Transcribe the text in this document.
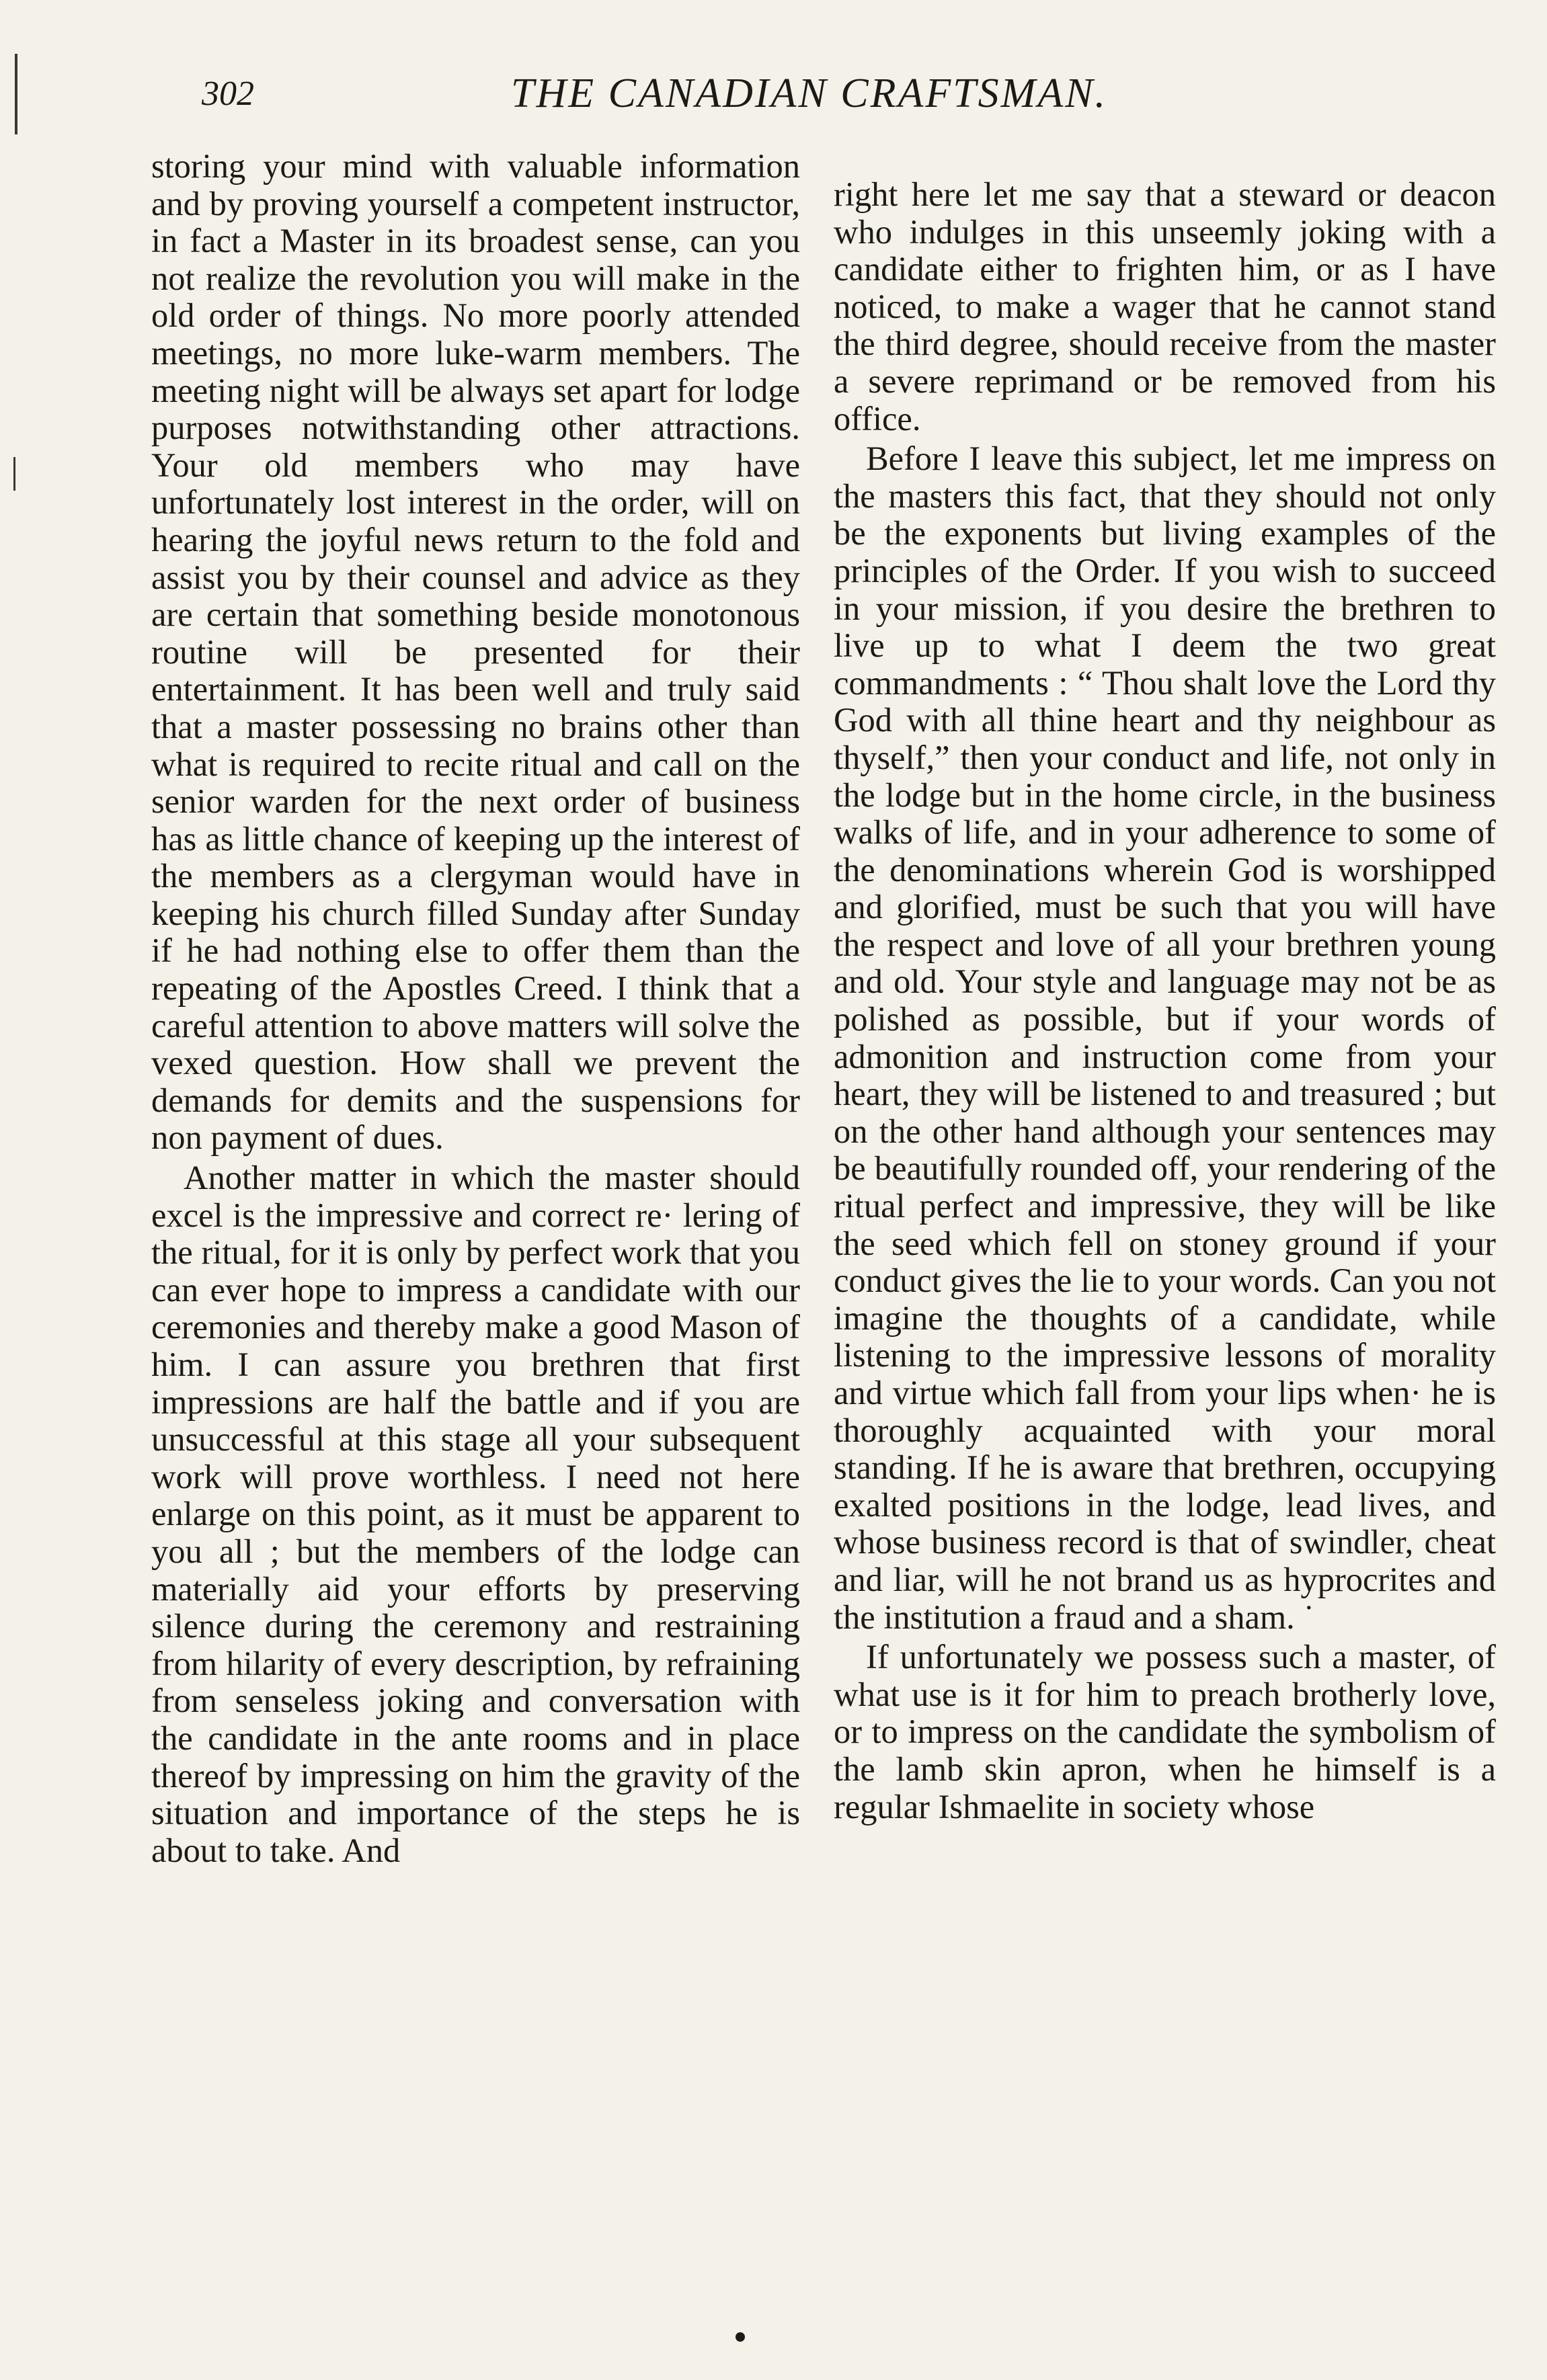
302	THE CANADIAN CRAFTSMAN.

storing your mind with valuable information and by proving yourself a competent instructor, in fact a Master in its broadest sense, can you not realize the revolution you will make in the old order of things. No more poorly attended meetings, no more luke-warm members. The meeting night will be always set apart for lodge purposes notwithstanding other attractions. Your old members who may have unfortunately lost interest in the order, will on hearing the joyful news return to the fold and assist you by their counsel and advice as they are certain that something beside monotonous routine will be presented for their entertainment. It has been well and truly said that a master possessing no brains other than what is required to recite ritual and call on the senior warden for the next order of business has as little chance of keeping up the interest of the members as a clergyman would have in keeping his church filled Sunday after Sunday if he had nothing else to offer them than the repeating of the Apostles Creed. I think that a careful attention to above matters will solve the vexed question. How shall we prevent the demands for demits and the suspensions for non payment of dues.

Another matter in which the master should excel is the impressive and correct re· lering of the ritual, for it is only by perfect work that you can ever hope to impress a candidate with our ceremonies and thereby make a good Mason of him. I can assure you brethren that first impressions are half the battle and if you are unsuccessful at this stage all your subsequent work will prove worthless. I need not here enlarge on this point, as it must be apparent to you all ; but the members of the lodge can materially aid your efforts by preserving silence during the ceremony and restraining from hilarity of every description, by refraining from senseless joking and conversation with the candidate in the ante rooms and in place thereof by impressing on him the gravity of the situation and importance of the steps he is about to take. And

right here let me say that a steward or deacon who indulges in this unseemly joking with a candidate either to frighten him, or as I have noticed, to make a wager that he cannot stand the third degree, should receive from the master a severe reprimand or be removed from his office.

Before I leave this subject, let me impress on the masters this fact, that they should not only be the exponents but living examples of the principles of the Order. If you wish to succeed in your mission, if you desire the brethren to live up to what I deem the two great commandments : “ Thou shalt love the Lord thy God with all thine heart and thy neighbour as thyself,” then your conduct and life, not only in the lodge but in the home circle, in the business walks of life, and in your adherence to some of the denominations wherein God is worshipped and glorified, must be such that you will have the respect and love of all your brethren young and old. Your style and language may not be as polished as possible, but if your words of admonition and instruction come from your heart, they will be listened to and treasured ; but on the other hand although your sentences may be beautifully rounded off, your rendering of the ritual perfect and impressive, they will be like the seed which fell on stoney ground if your conduct gives the lie to your words. Can you not imagine the thoughts of a candidate, while listening to the impressive lessons of morality and virtue which fall from your lips when· he is thoroughly acquainted with your moral standing. If he is aware that brethren, occupying exalted positions in the lodge, lead lives, and whose business record is that of swindler, cheat and liar, will he not brand us as hyprocrites and the institution a fraud and a sham. ˙

If unfortunately we possess such a master, of what use is it for him to preach brotherly love, or to impress on the candidate the symbolism of the lamb skin apron, when he himself is a regular Ishmaelite in society whose
